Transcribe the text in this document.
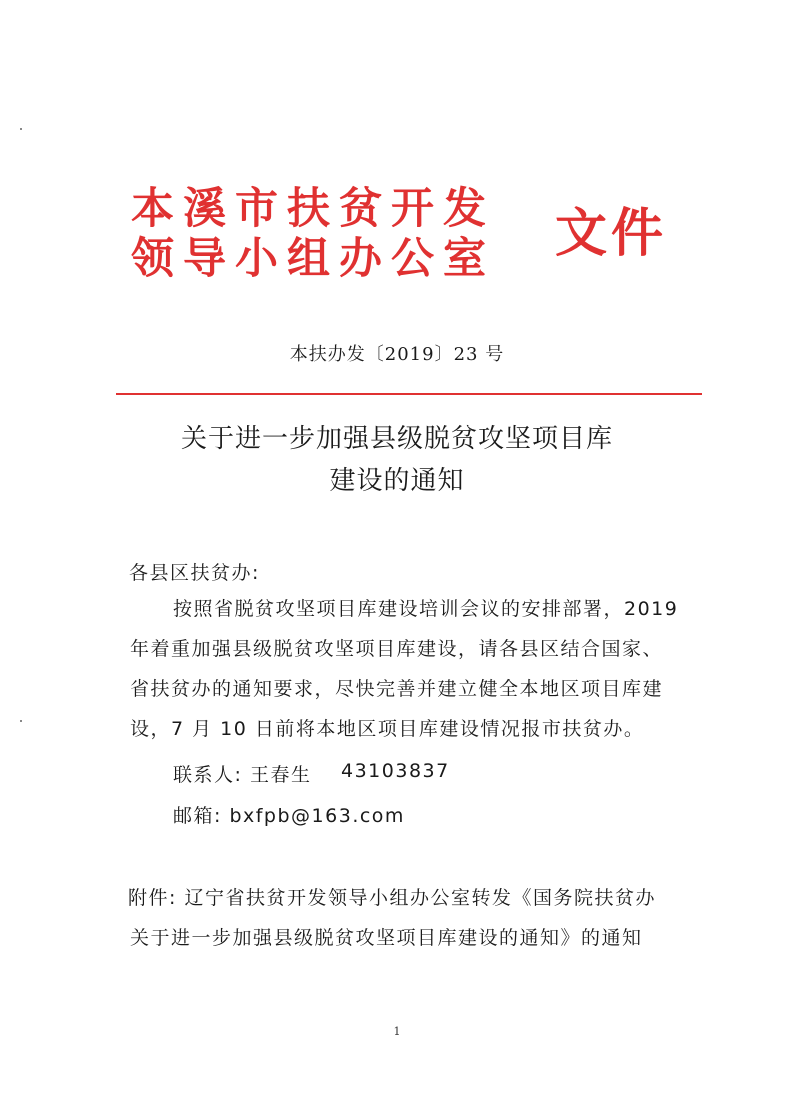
本溪市扶贫开发
领导小组办公室 文件
本扶办发〔2019〕23 号
关于进一步加强县级脱贫攻坚项目库
建设的通知
各县区扶贫办:
按照省脱贫攻坚项目库建设培训会议的安排部署，2019
年着重加强县级脱贫攻坚项目库建设，请各县区结合国家、
省扶贫办的通知要求，尽快完善并建立健全本地区项目库建
设，7 月 10 日前将本地区项目库建设情况报市扶贫办。
联系人: 王春生 43103837
邮箱: bxfpb@163.com
附件: 辽宁省扶贫开发领导小组办公室转发《国务院扶贫办
关于进一步加强县级脱贫攻坚项目库建设的通知》的通知
1
